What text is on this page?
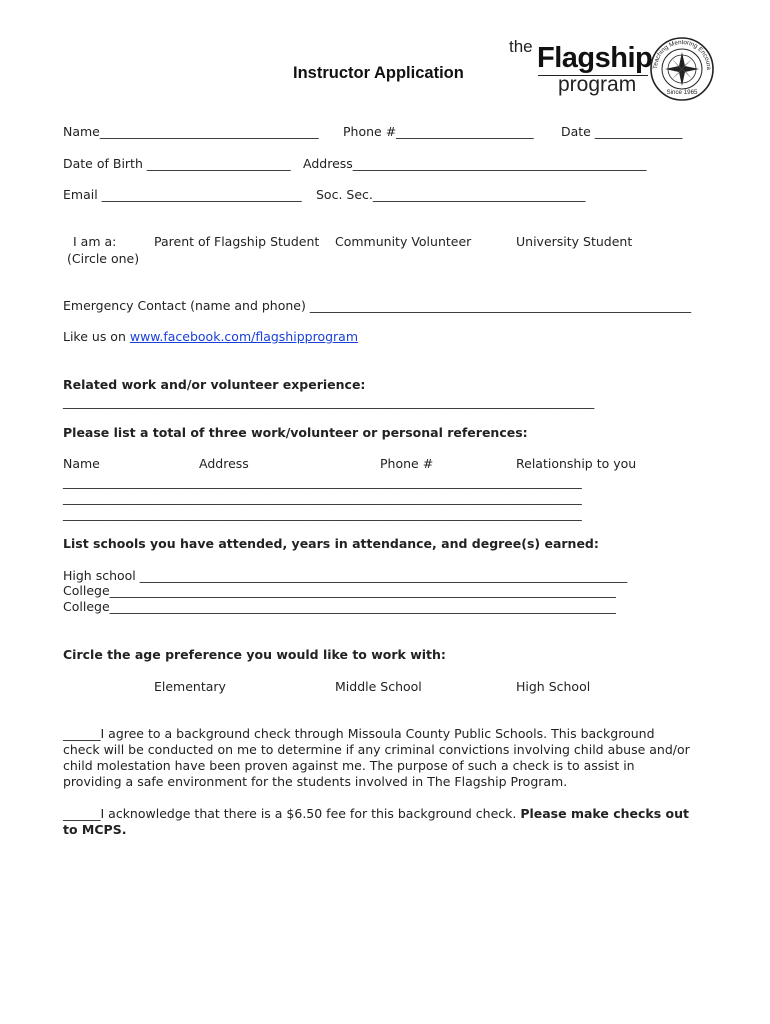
Instructor Application
the Flagship
program
Teaching Mentoring Encoura
Since 1965
Name___________________________________ Phone #______________________ Date ______________
Date of Birth _______________________ Address_______________________________________________
Email ________________________________ Soc. Sec.__________________________________
I am a:
(Circle one)
Parent of Flagship Student Community Volunteer	University Student
Emergency Contact (name and phone) _____________________________________________________________
Like us on www.facebook.com/flagshipprogram
Related work and/or volunteer experience:
_____________________________________________________________________________________
Please list a total of three work/volunteer or personal references:
Name	Address	Phone #	Relationship to you
___________________________________________________________________________________
___________________________________________________________________________________
___________________________________________________________________________________
List schools you have attended, years in attendance, and degree(s) earned:
High school ______________________________________________________________________________
College_________________________________________________________________________________
College_________________________________________________________________________________
Circle the age preference you would like to work with:
Elementary	Middle School	High School
______I agree to a background check through Missoula County Public Schools. This background check will be conducted on me to determine if any criminal convictions involving child abuse and/or child molestation have been proven against me. The purpose of such a check is to assist in providing a safe environment for the students involved in The Flagship Program.
______I acknowledge that there is a $6.50 fee for this background check. Please make checks out to MCPS.
